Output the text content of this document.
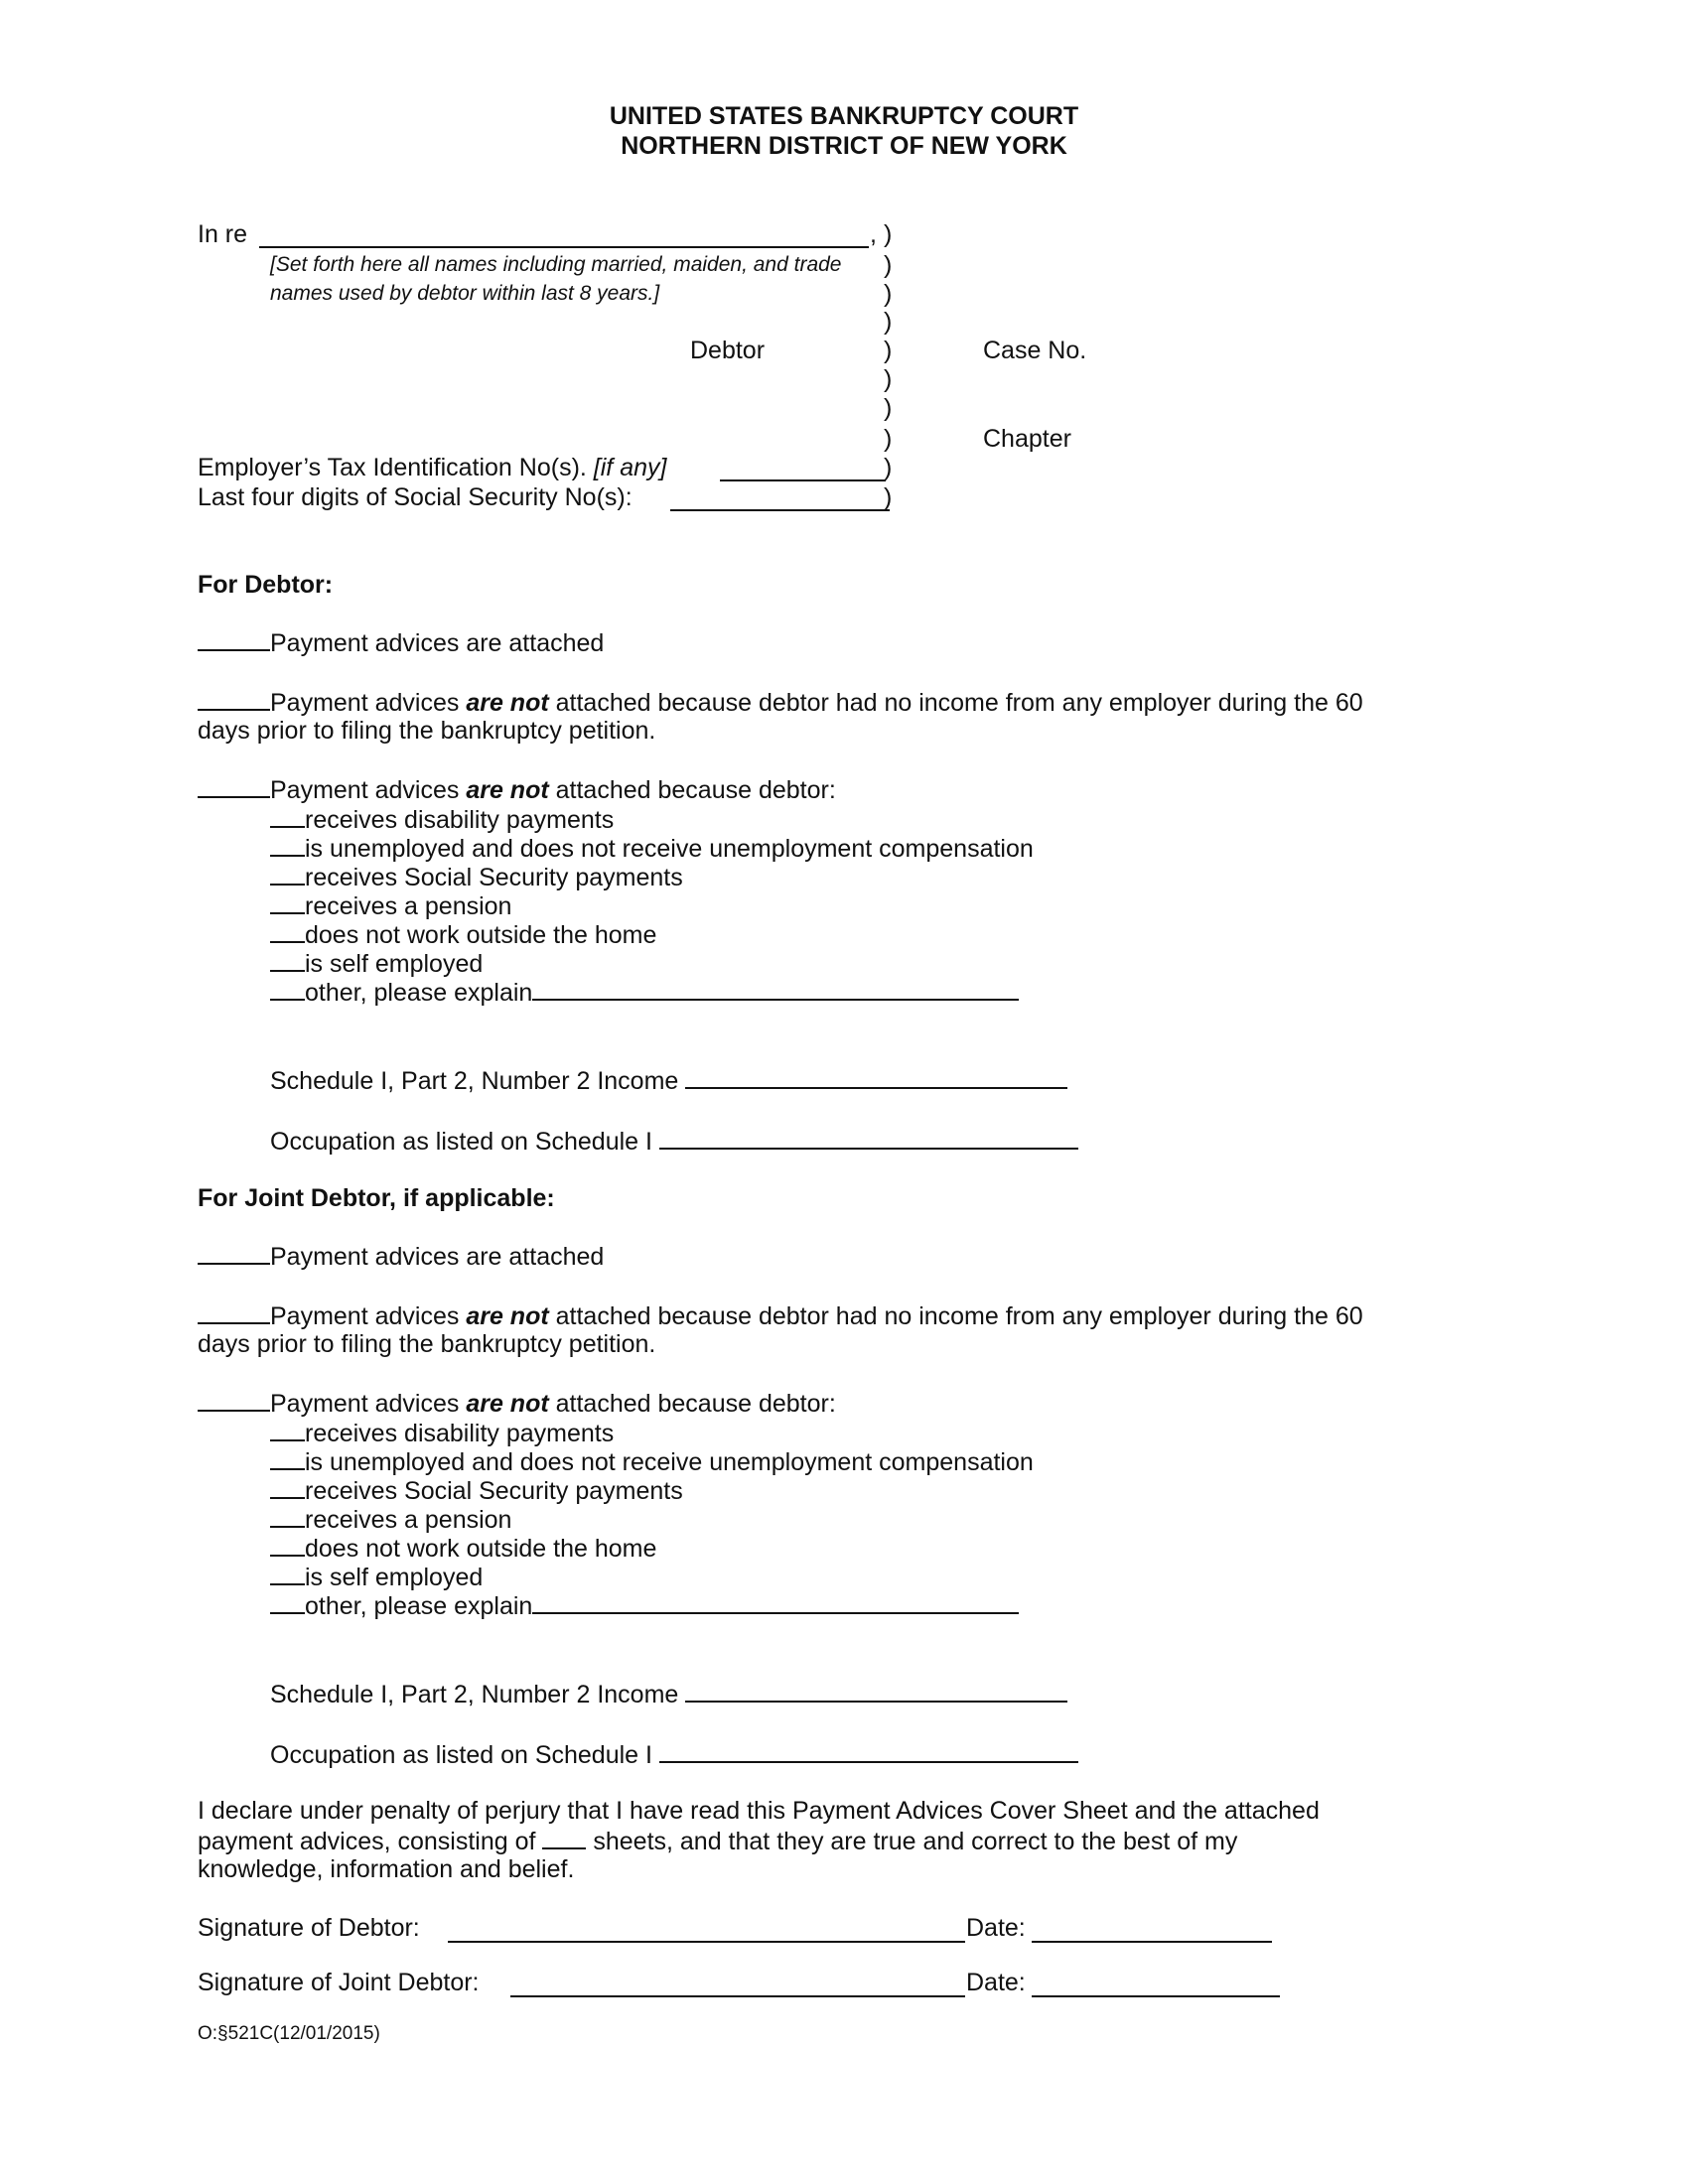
UNITED STATES BANKRUPTCY COURT
NORTHERN DISTRICT OF NEW YORK
In re	,
[Set forth here all names including married, maiden, and trade
names used by debtor within last 8 years.]
Debtor	Case No.
Chapter
Employer’s Tax Identification No(s). [if any]
Last four digits of Social Security No(s):
)
)
)
)
)
)
)
)
)
)
For Debtor:
Payment advices are attached
Payment advices are not attached because debtor had no income from any employer during the 60
days prior to filing the bankruptcy petition.
Payment advices are not attached because debtor:
receives disability payments
is unemployed and does not receive unemployment compensation
receives Social Security payments
receives a pension
does not work outside the home
is self employed
other, please explain
Schedule I, Part 2, Number 2 Income
Occupation as listed on Schedule I
For Joint Debtor, if applicable:
Payment advices are attached
Payment advices are not attached because debtor had no income from any employer during the 60
days prior to filing the bankruptcy petition.
Payment advices are not attached because debtor:
receives disability payments
is unemployed and does not receive unemployment compensation
receives Social Security payments
receives a pension
does not work outside the home
is self employed
other, please explain
Schedule I, Part 2, Number 2 Income
Occupation as listed on Schedule I
I declare under penalty of perjury that I have read this Payment Advices Cover Sheet and the attached
payment advices, consisting of  sheets, and that they are true and correct to the best of my
knowledge, information and belief.
Signature of Debtor:	Date:
Signature of Joint Debtor:	Date:
O:§521C(12/01/2015)
